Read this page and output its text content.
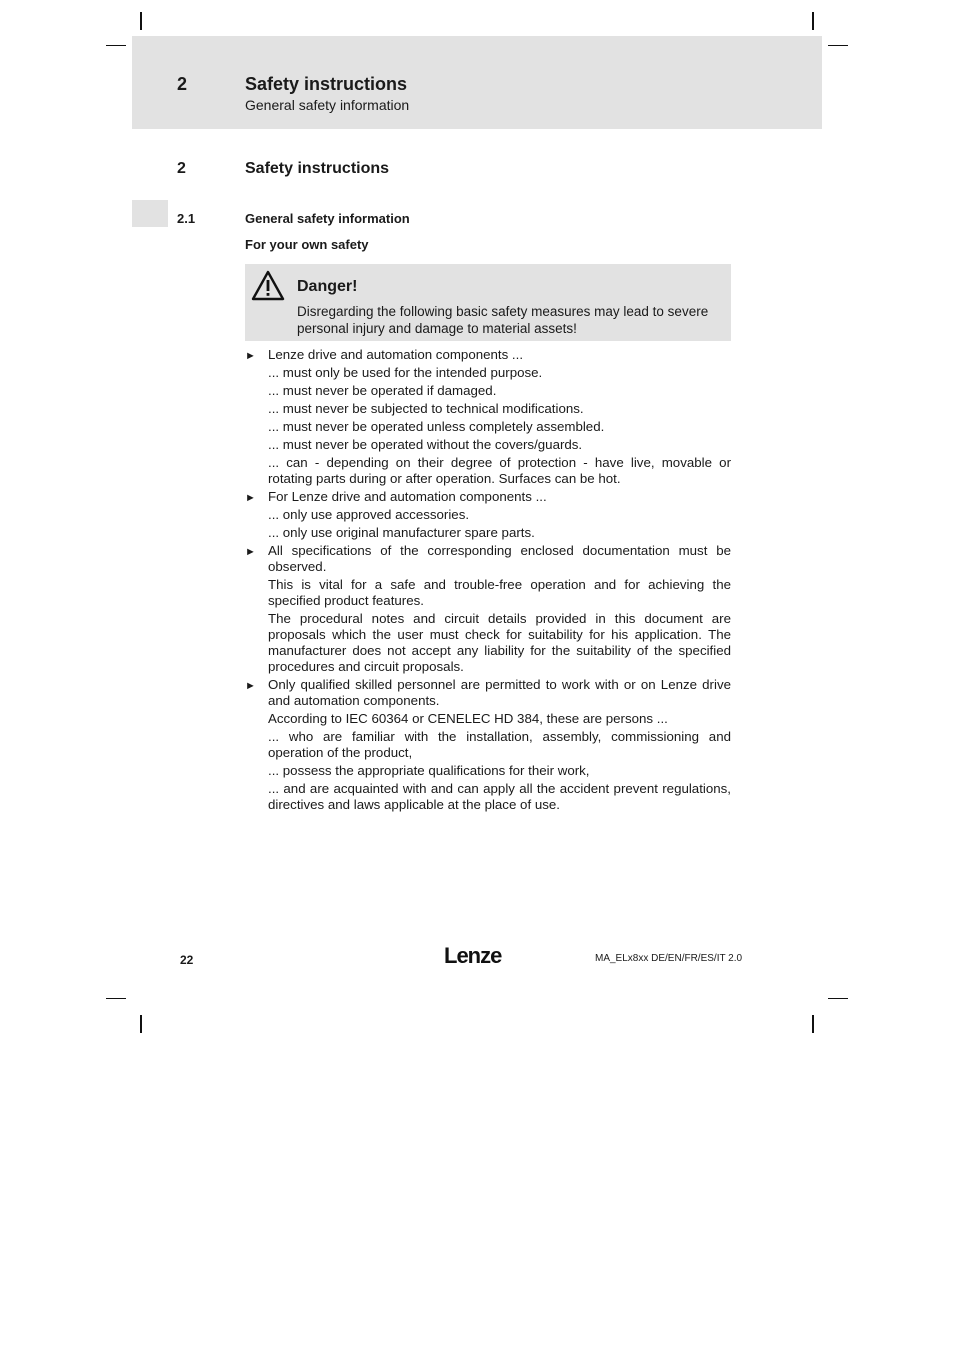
2	Safety instructions
General safety information
2	Safety instructions
2.1	General safety information
For your own safety
Danger!
Disregarding the following basic safety measures may lead to severe personal injury and damage to material assets!
► Lenze drive and automation components ...
... must only be used for the intended purpose.
... must never be operated if damaged.
... must never be subjected to technical modifications.
... must never be operated unless completely assembled.
... must never be operated without the covers/guards.
... can - depending on their degree of protection - have live, movable or rotating parts during or after operation. Surfaces can be hot.
► For Lenze drive and automation components ...
... only use approved accessories.
... only use original manufacturer spare parts.
► All specifications of the corresponding enclosed documentation must be observed.
This is vital for a safe and trouble-free operation and for achieving the specified product features.
The procedural notes and circuit details provided in this document are proposals which the user must check for suitability for his application. The manufacturer does not accept any liability for the suitability of the specified procedures and circuit proposals.
► Only qualified skilled personnel are permitted to work with or on Lenze drive and automation components.
According to IEC 60364 or CENELEC HD 384, these are persons ...
... who are familiar with the installation, assembly, commissioning and operation of the product,
... possess the appropriate qualifications for their work,
... and are acquainted with and can apply all the accident prevent regulations, directives and laws applicable at the place of use.
22	Lenze	MA_ELx8xx DE/EN/FR/ES/IT 2.0
